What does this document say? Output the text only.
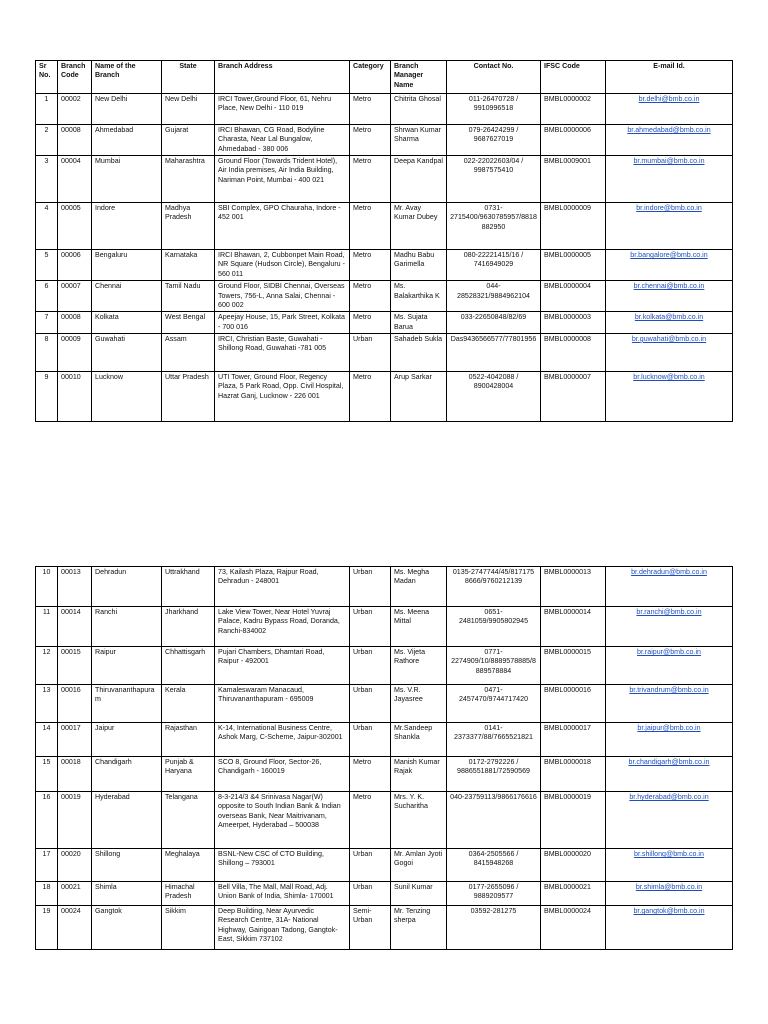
Sr No.	Branch Code	Name of the Branch	State	Branch Address	Category	Branch Manager Name	Contact No.	IFSC Code	E-mail Id.
1	00002	New Delhi	New Delhi	IRCI Tower,Ground Floor, 61, Nehru Place, New Delhi - 110 019	Metro	Chitrita Ghosal	011-26470728 / 9910996518	BMBL0000002	br.delhi@bmb.co.in
2	00008	Ahmedabad	Gujarat	IRCI Bhawan, CG Road, Bodyline Charasta, Near Lal Bungalow, Ahmedabad - 380 006	Metro	Shrwan Kumar Sharma	079-26424299 / 9687627019	BMBL0000006	br.ahmedabad@bmb.co.in
3	00004	Mumbai	Maharashtra	Ground Floor (Towards Trident Hotel), Air India premises, Air India Building, Nariman Point, Mumbai - 400 021	Metro	Deepa Kandpal	022-22022603/04 / 9987575410	BMBL0009001	br.mumbai@bmb.co.in
4	00005	Indore	Madhya Pradesh	SBI Complex, GPO Chauraha, Indore - 452 001	Metro	Mr. Avay Kumar Dubey	0731-2715400/9630785957/8818882950	BMBL0000009	br.indore@bmb.co.in
5	00006	Bengaluru	Karnataka	IRCI Bhawan, 2, Cubbonpet Main Road, NR Square (Hudson Circle), Bengaluru - 560 011	Metro	Madhu Babu Garimella	080-22221415/16 / 7416949029	BMBL0000005	br.bangalore@bmb.co.in
6	00007	Chennai	Tamil Nadu	Ground Floor, SIDBI Chennai, Overseas Towers, 756-L, Anna Salai, Chennai - 600 002	Metro	Ms. Balakarthika K	044-28528321/9884962104	BMBL0000004	br.chennai@bmb.co.in
7	00008	Kolkata	West Bengal	Apeejay House, 15, Park Street, Kolkata - 700 016	Metro	Ms. Sujata Barua	033-22650848/82/69	BMBL0000003	br.kolkata@bmb.co.in
8	00009	Guwahati	Assam	IRCI, Christian Baste, Guwahati - Shillong Road, Guwahati -781 005	Urban	Sahadeb Sukla	Das9436566577/77801956	BMBL0000008	br.guwahati@bmb.co.in
9	00010	Lucknow	Uttar Pradesh	UTI Tower, Ground Floor, Regency Plaza, 5 Park Road, Opp. Civil Hospital, Hazrat Ganj, Lucknow - 226 001	Metro	Arup Sarkar	0522-4042088 / 8900428004	BMBL0000007	br.lucknow@bmb.co.in
10	00013	Dehradun	Uttrakhand	73, Kailash Plaza, Rajpur Road, Dehradun - 248001	Urban	Ms. Megha Madan	0135-2747744/45/817175 8666/9760212139	BMBL0000013	br.dehradun@bmb.co.in
11	00014	Ranchi	Jharkhand	Lake View Tower, Near Hotel Yuvraj Palace, Kadru Bypass Road, Doranda, Ranchi-834002	Urban	Ms. Meena Mittal	0651-2481059/9905802945	BMBL0000014	br.ranchi@bmb.co.in
12	00015	Raipur	Chhattisgarh	Pujari Chambers, Dhamtari Road, Raipur - 492001	Urban	Ms. Vijeta Rathore	0771-2274909/10/8889578885/8889578884	BMBL0000015	br.raipur@bmb.co.in
13	00016	Thiruvananthapuram	Kerala	Kamaleswaram Manacaud, Thiruvananthapuram - 695009	Urban	Ms. V.R. Jayasree	0471-2457470/9744717420	BMBL0000016	br.trivandrum@bmb.co.in
14	00017	Jaipur	Rajasthan	K-14, International Business Centre, Ashok Marg, C-Scheme, Jaipur-302001	Urban	Mr.Sandeep Shankla	0141-2373377/88/7665521821	BMBL0000017	br.jaipur@bmb.co.in
15	00018	Chandigarh	Punjab & Haryana	SCO 8, Ground Floor, Sector-26, Chandigarh - 160019	Metro	Manish Kumar Rajak	0172-2792226 / 9886551881/72590569	BMBL0000018	br.chandigarh@bmb.co.in
16	00019	Hyderabad	Telangana	8-3-214/3 &4 Srinivasa Nagar(W) opposite to South Indian Bank & Indian overseas Bank, Near Maitrivanam, Ameerpet, Hyderabad – 500038	Metro	Mrs. Y. K. Sucharitha	040-23759113/9866176616	BMBL0000019	br.hyderabad@bmb.co.in
17	00020	Shillong	Meghalaya	BSNL-New CSC of CTO Building, Shillong – 793001	Urban	Mr. Amlan Jyoti Gogoi	0364-2505566 / 8415948268	BMBL0000020	br.shillong@bmb.co.in
18	00021	Shimla	Himachal Pradesh	Bell Villa, The Mall, Mall Road, Adj. Union Bank of India, Shimla- 170001	Urban	Sunil Kumar	0177-2655096 / 9889209577	BMBL0000021	br.shimla@bmb.co.in
19	00024	Gangtok	Sikkim	Deep Building, Near Ayurvedic Research Centre, 31A- National Highway, Gairigoan Tadong, Gangtok- East, Sikkim 737102	Semi-Urban	Mr. Tenzing sherpa	03592-281275	BMBL0000024	br.gangtok@bmb.co.in
